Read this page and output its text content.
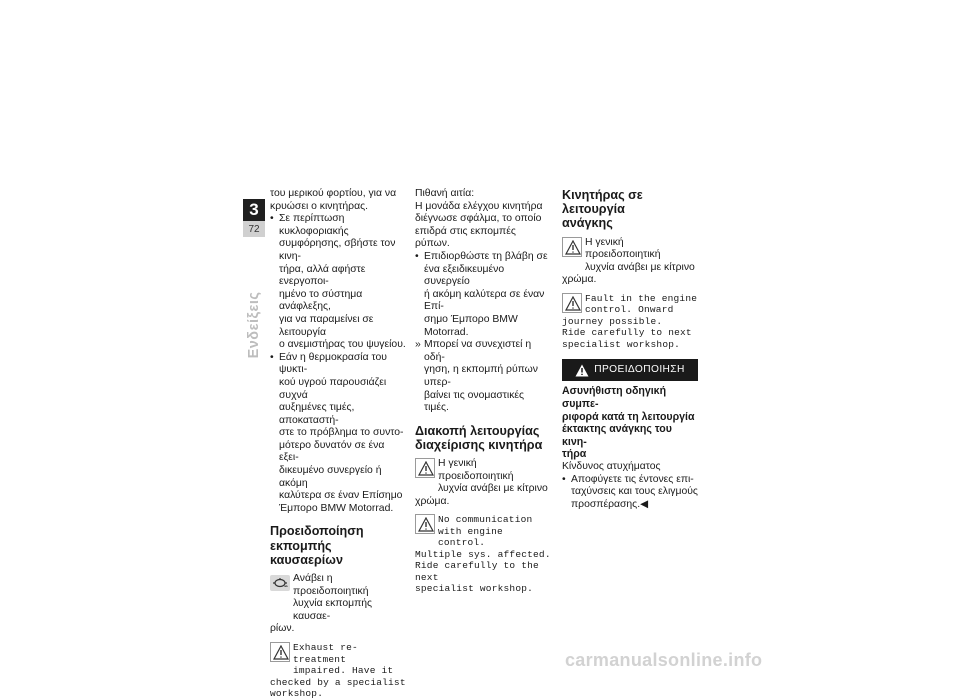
3
72
Ενδείξεις

του μερικού φορτίου, για να

κρυώσει ο κινητήρας.

• Σε περίπτωση κυκλοφοριακής
συμφόρησης, σβήστε τον κινη-
τήρα, αλλά αφήστε ενεργοποι-
ημένο το σύστημα ανάφλεξης,
για να παραμείνει σε λειτουργία
ο ανεμιστήρας του ψυγείου.
• Εάν η θερμοκρασία του ψυκτι-
κού υγρού παρουσιάζει συχνά
αυξημένες τιμές, αποκαταστή-
στε το πρόβλημα το συντο-
μότερο δυνατόν σε ένα εξει-
δικευμένο συνεργείο ή ακόμη
καλύτερα σε έναν Επίσημο
Έμπορο BMW Motorrad.
Προειδοποίηση εκπομπής
καυσαερίων
Ανάβει η προειδοποιητική
λυχνία εκπομπής καυσαε-

ρίων.

Exhaust re-treatment
impaired. Have it
checked by a specialist
workshop.

Πιθανή αιτία:

Η μονάδα ελέγχου κινητήρα

διέγνωσε σφάλμα, το οποίο

επιδρά στις εκπομπές ρύπων.

• Επιδιορθώστε τη βλάβη σε
ένα εξειδικευμένο συνεργείο
ή ακόμη καλύτερα σε έναν Επί-
σημο Έμπορο BMW Motorrad.
» Μπορεί να συνεχιστεί η οδή-
γηση, η εκπομπή ρύπων υπερ-
βαίνει τις ονομαστικές τιμές.
Διακοπή λειτουργίας
διαχείρισης κινητήρα
Η γενική προειδοποιητική
λυχνία ανάβει με κίτρινο
χρώμα.
No communication
with engine control.
Multiple sys. affected.
Ride carefully to the next
specialist workshop.
Κινητήρας σε λειτουργία
ανάγκης
Η γενική προειδοποιητική
λυχνία ανάβει με κίτρινο
χρώμα.
Fault in the engine
control. Onward
journey possible.
Ride carefully to next
specialist workshop.
ΠΡΟΕΙΔΟΠΟΙΗΣΗ
Ασυνήθιστη οδηγική συμπε-
ριφορά κατά τη λειτουργία
έκτακτης ανάγκης του κινη-
τήρα

Κίνδυνος ατυχήματος

• Αποφύγετε τις έντονες επι-
ταχύνσεις και τους ελιγμούς
προσπέρασης.◀
carmanualsonline.info
